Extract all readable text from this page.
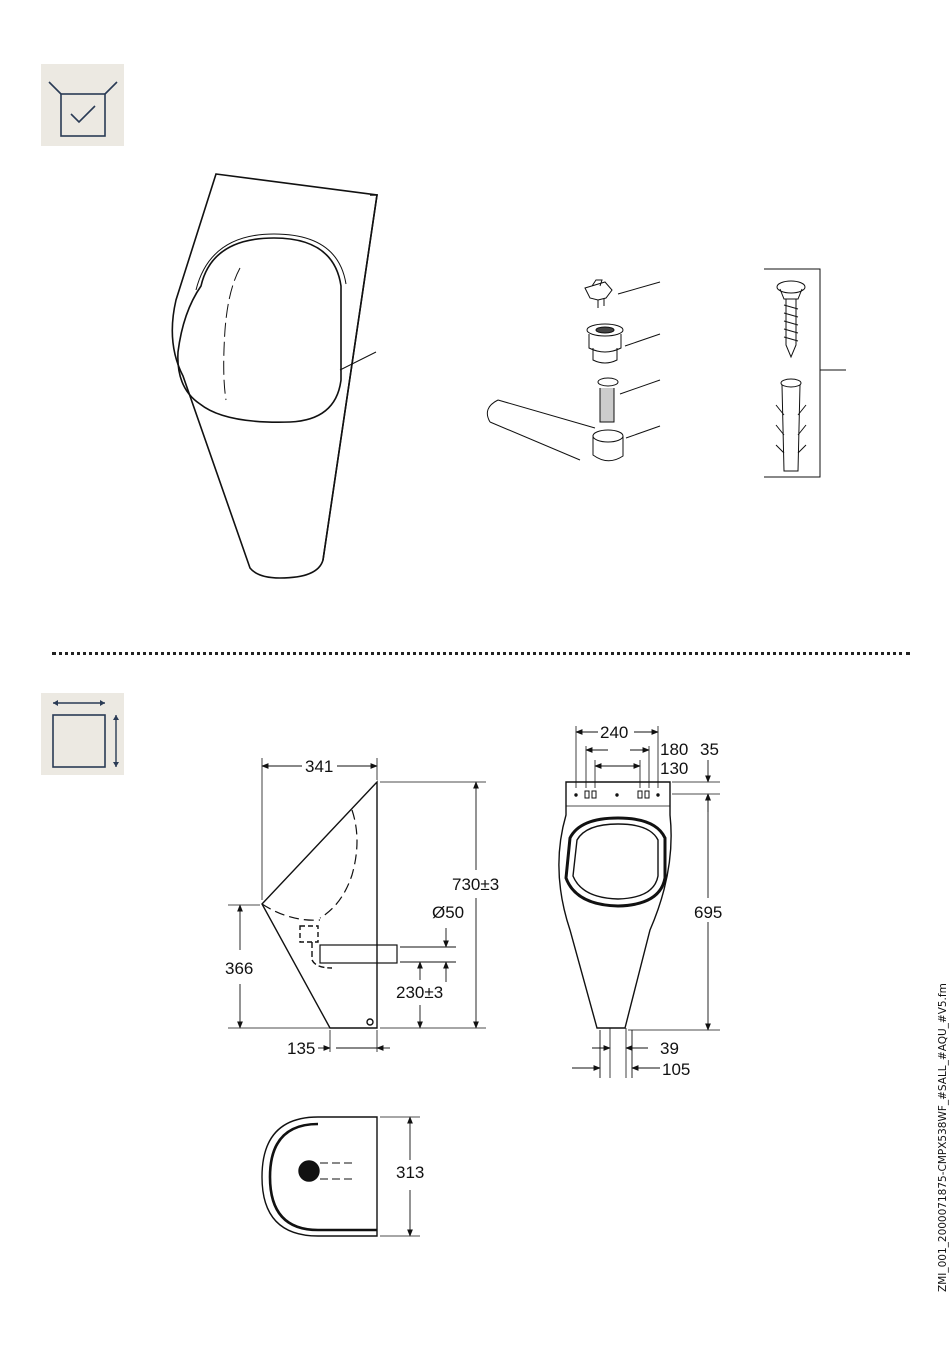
341
730±3
Ø50
366
230±3
135
240
180
130
35
695
39
105
313	ZMI_001_2000071875-CMPX538WF_#SALL_#AQU_#V5.fm
